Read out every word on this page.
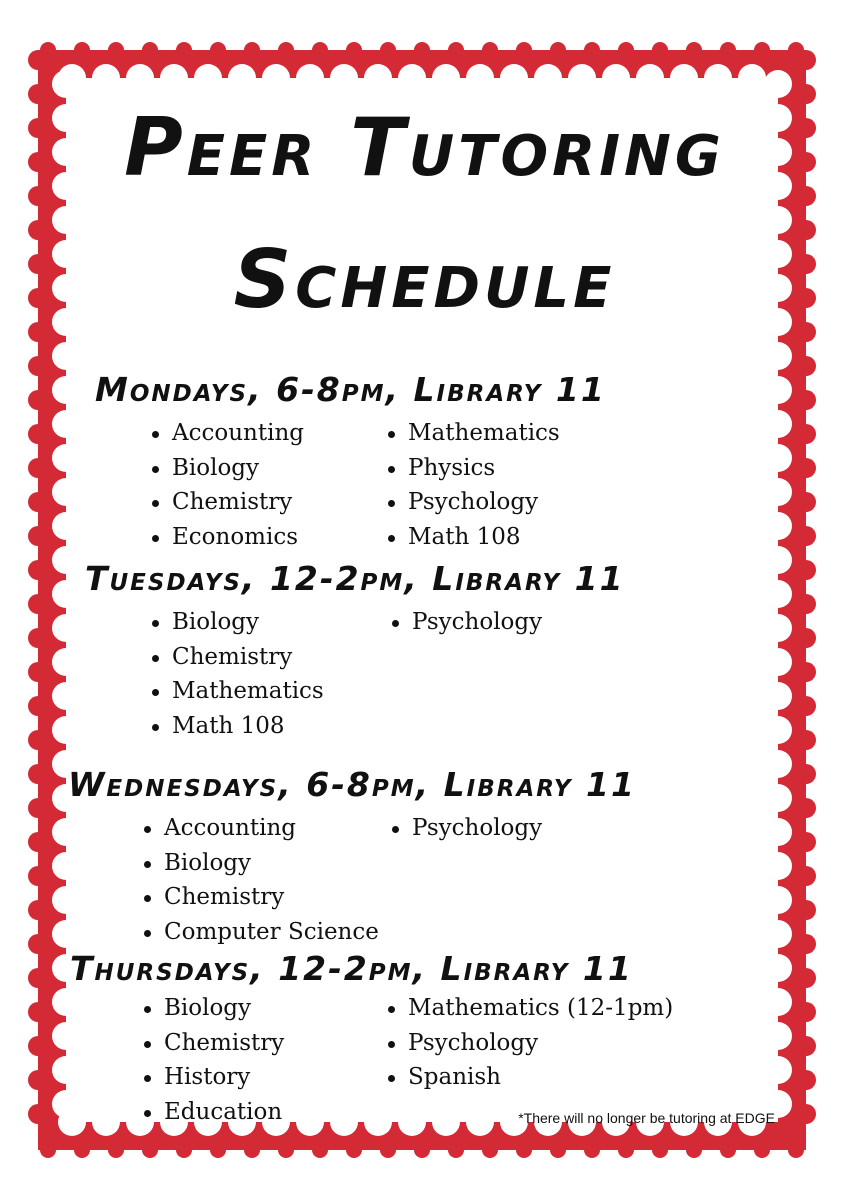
Peer Tutoring
Schedule
Mondays, 6-8pm, Library 11
Accounting
Biology
Chemistry
Economics
Mathematics
Physics
Psychology
Math 108
Tuesdays, 12-2pm, Library 11
Biology
Chemistry
Mathematics
Math 108
Psychology
Wednesdays, 6-8pm, Library 11
Accounting
Biology
Chemistry
Computer Science
Psychology
Thursdays, 12-2pm, Library 11
Biology
Chemistry
History
Education
Mathematics (12-1pm)
Psychology
Spanish
*There will no longer be tutoring at EDGE
